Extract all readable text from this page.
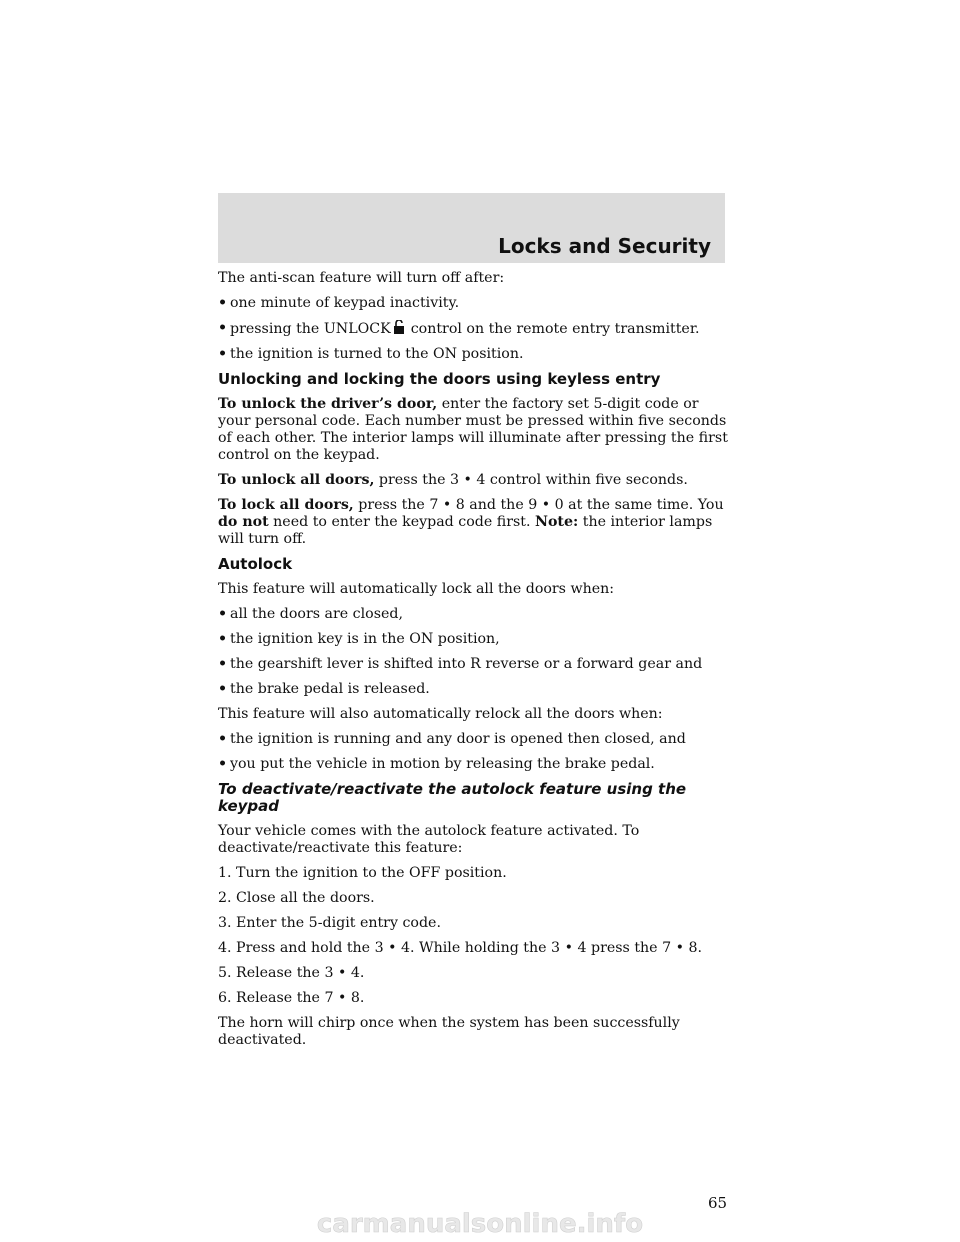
Locks and Security

The anti-scan feature will turn off after:

• one minute of keypad inactivity.
• pressing the UNLOCK control on the remote entry transmitter.
• the ignition is turned to the ON position.
Unlocking and locking the doors using keyless entry

To unlock the driver’s door, enter the factory set 5-digit code or your personal code. Each number must be pressed within five seconds of each other. The interior lamps will illuminate after pressing the first control on the keypad.

To unlock all doors, press the 3 • 4 control within five seconds.

To lock all doors, press the 7 • 8 and the 9 • 0 at the same time. You do not need to enter the keypad code first. Note: the interior lamps will turn off.

Autolock

This feature will automatically lock all the doors when:

• all the doors are closed,
• the ignition key is in the ON position,
• the gearshift lever is shifted into R reverse or a forward gear and
• the brake pedal is released.

This feature will also automatically relock all the doors when:

• the ignition is running and any door is opened then closed, and
• you put the vehicle in motion by releasing the brake pedal.
To deactivate/reactivate the autolock feature using the keypad

Your vehicle comes with the autolock feature activated. To deactivate/reactivate this feature:

1. Turn the ignition to the OFF position.

2. Close all the doors.

3. Enter the 5-digit entry code.

4. Press and hold the 3 • 4. While holding the 3 • 4 press the 7 • 8.

5. Release the 3 • 4.

6. Release the 7 • 8.

The horn will chirp once when the system has been successfully deactivated.

65
carmanualsonline.info
